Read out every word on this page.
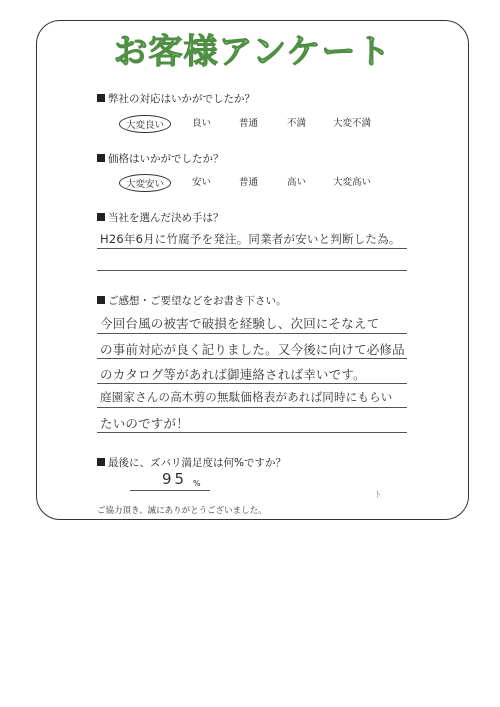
お客様アンケート
弊社の対応はいかがでしたか？
大変良い	良い	普通	不満	大変不満
価格はいかがでしたか？
大変安い	安い	普通	高い	大変高い
当社を選んだ決め手は？
H26年6月に竹腐予を発注。同業者が安いと判断した為。
ご感想・ご要望などをお書き下さい。
今回台風の被害で破損を経験し、次回にそなえて
の事前対応が良く記りました。又今後に向けて必修品
のカタログ等があれば御連絡されば幸いです。
庭園家さんの高木剪の無駄価格表があれば同時にもらい
たいのですが！
最後に、ズバリ満足度は何%ですか？
95 %
ト
ご協力頂き、誠にありがとうございました。
